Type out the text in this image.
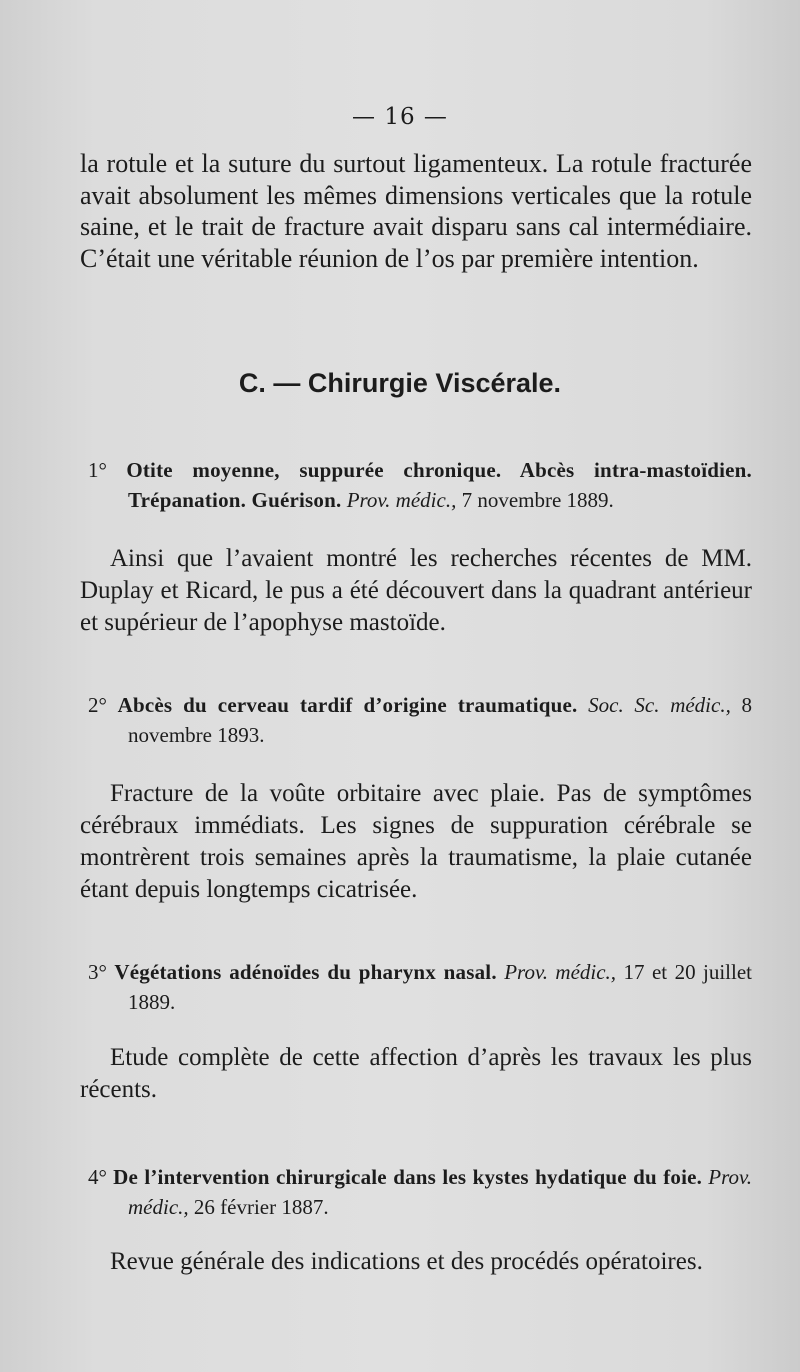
— 16 —

la rotule et la suture du surtout ligamenteux. La rotule fracturée avait absolument les mêmes dimensions verticales que la rotule saine, et le trait de fracture avait disparu sans cal intermédiaire. C’était une véritable réunion de l’os par première intention.

C. — Chirurgie Viscérale.

1° Otite moyenne, suppurée chronique. Abcès intra-mastoïdien. Trépanation. Guérison. Prov. médic., 7 novembre 1889.

Ainsi que l’avaient montré les recherches récentes de MM. Duplay et Ricard, le pus a été découvert dans la quadrant antérieur et supérieur de l’apophyse mastoïde.

2° Abcès du cerveau tardif d’origine traumatique. Soc. Sc. médic., 8 novembre 1893.

Fracture de la voûte orbitaire avec plaie. Pas de symptômes cérébraux immédiats. Les signes de suppuration cérébrale se montrèrent trois semaines après la traumatisme, la plaie cutanée étant depuis longtemps cicatrisée.

3° Végétations adénoïdes du pharynx nasal. Prov. médic., 17 et 20 juillet 1889.

Etude complète de cette affection d’après les travaux les plus récents.

4° De l’intervention chirurgicale dans les kystes hydatique du foie. Prov. médic., 26 février 1887.

Revue générale des indications et des procédés opératoires.
